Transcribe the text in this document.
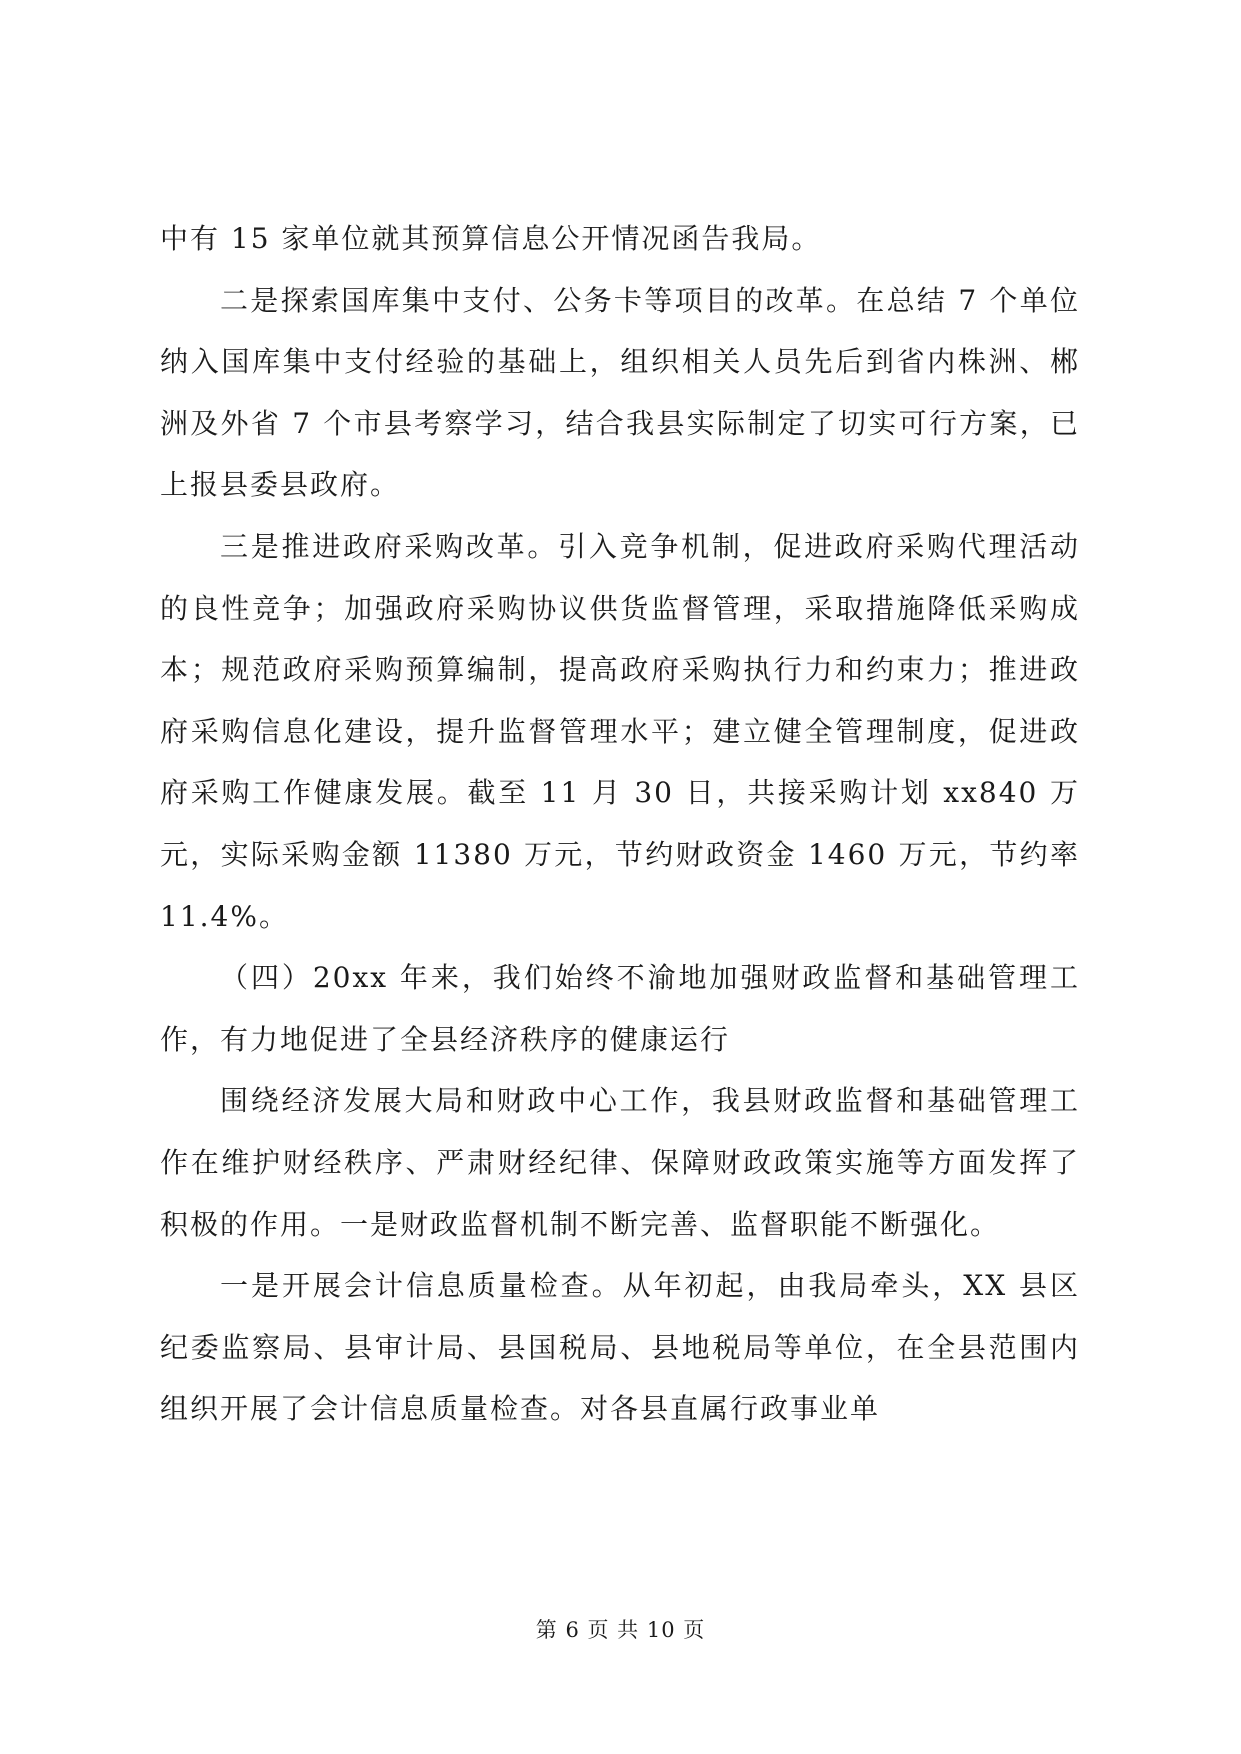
中有 15 家单位就其预算信息公开情况函告我局。

二是探索国库集中支付、公务卡等项目的改革。在总结 7 个单位纳入国库集中支付经验的基础上，组织相关人员先后到省内株洲、郴洲及外省 7 个市县考察学习，结合我县实际制定了切实可行方案，已上报县委县政府。

三是推进政府采购改革。引入竞争机制，促进政府采购代理活动的良性竞争；加强政府采购协议供货监督管理，采取措施降低采购成本；规范政府采购预算编制，提高政府采购执行力和约束力；推进政府采购信息化建设，提升监督管理水平；建立健全管理制度，促进政府采购工作健康发展。截至 11 月 30 日，共接采购计划 xx840 万元，实际采购金额 11380 万元，节约财政资金 1460 万元，节约率 11.4%。

（四）20xx 年来，我们始终不渝地加强财政监督和基础管理工作，有力地促进了全县经济秩序的健康运行

围绕经济发展大局和财政中心工作，我县财政监督和基础管理工作在维护财经秩序、严肃财经纪律、保障财政政策实施等方面发挥了积极的作用。一是财政监督机制不断完善、监督职能不断强化。

一是开展会计信息质量检查。从年初起，由我局牵头，XX 县区纪委监察局、县审计局、县国税局、县地税局等单位，在全县范围内组织开展了会计信息质量检查。对各县直属行政事业单

第 6 页 共 10 页
